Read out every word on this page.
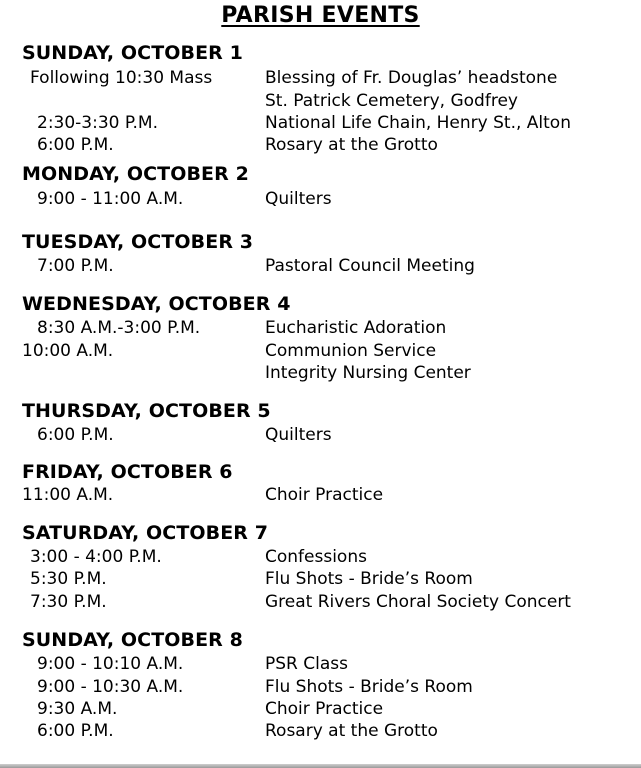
PARISH EVENTS
SUNDAY, OCTOBER 1
Following 10:30 Mass	Blessing of Fr. Douglas’ headstone
St. Patrick Cemetery, Godfrey
2:30-3:30 P.M.	National Life Chain, Henry St., Alton
6:00 P.M.	Rosary at the Grotto
MONDAY, OCTOBER 2
9:00 - 11:00 A.M.	Quilters
TUESDAY, OCTOBER 3
7:00 P.M.	Pastoral Council Meeting
WEDNESDAY, OCTOBER 4
8:30 A.M.-3:00 P.M.	Eucharistic Adoration
10:00 A.M.	Communion Service
Integrity Nursing Center
THURSDAY, OCTOBER 5
6:00 P.M.	Quilters
FRIDAY, OCTOBER 6
11:00 A.M.	Choir Practice
SATURDAY, OCTOBER 7
3:00 - 4:00 P.M.	Confessions
5:30 P.M.	Flu Shots - Bride’s Room
7:30 P.M.	Great Rivers Choral Society Concert
SUNDAY, OCTOBER 8
9:00 - 10:10 A.M.	PSR Class
9:00 - 10:30 A.M.	Flu Shots - Bride’s Room
9:30 A.M.	Choir Practice
6:00 P.M.	Rosary at the Grotto
